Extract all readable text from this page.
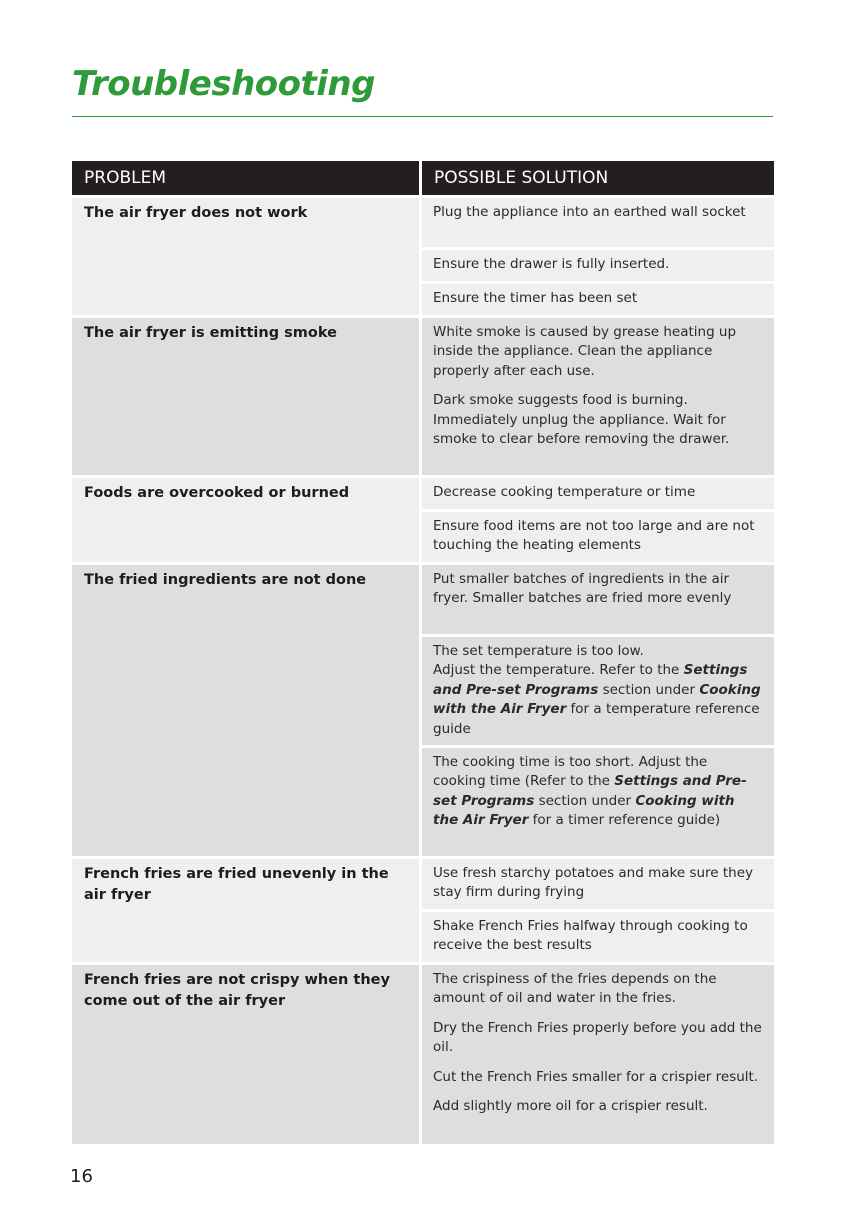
Troubleshooting
PROBLEM	POSSIBLE SOLUTION
The air fryer does not work	Plug the appliance into an earthed wall socket
	Ensure the drawer is fully inserted.
	Ensure the timer has been set
The air fryer is emitting smoke	White smoke is caused by grease heating up inside the appliance. Clean the appliance properly after each use.

Dark smoke suggests food is burning. Immediately unplug the appliance. Wait for smoke to clear before removing the drawer.

Foods are overcooked or burned	Decrease cooking temperature or time
	Ensure food items are not too large and are not touching the heating elements
The fried ingredients are not done	Put smaller batches of ingredients in the air fryer. Smaller batches are fried more evenly
	The set temperature is too low.
Adjust the temperature. Refer to the Settings and Pre-set Programs section under Cooking with the Air Fryer for a temperature reference guide
	The cooking time is too short. Adjust the cooking time (Refer to the Settings and Pre-set Programs section under Cooking with the Air Fryer for a timer reference guide)
French fries are fried unevenly in the air fryer	Use fresh starchy potatoes and make sure they stay firm during frying
	Shake French Fries halfway through cooking to receive the best results
French fries are not crispy when they come out of the air fryer	The crispiness of the fries depends on the amount of oil and water in the fries.

Dry the French Fries properly before you add the oil.

Cut the French Fries smaller for a crispier result.

Add slightly more oil for a crispier result.

16
